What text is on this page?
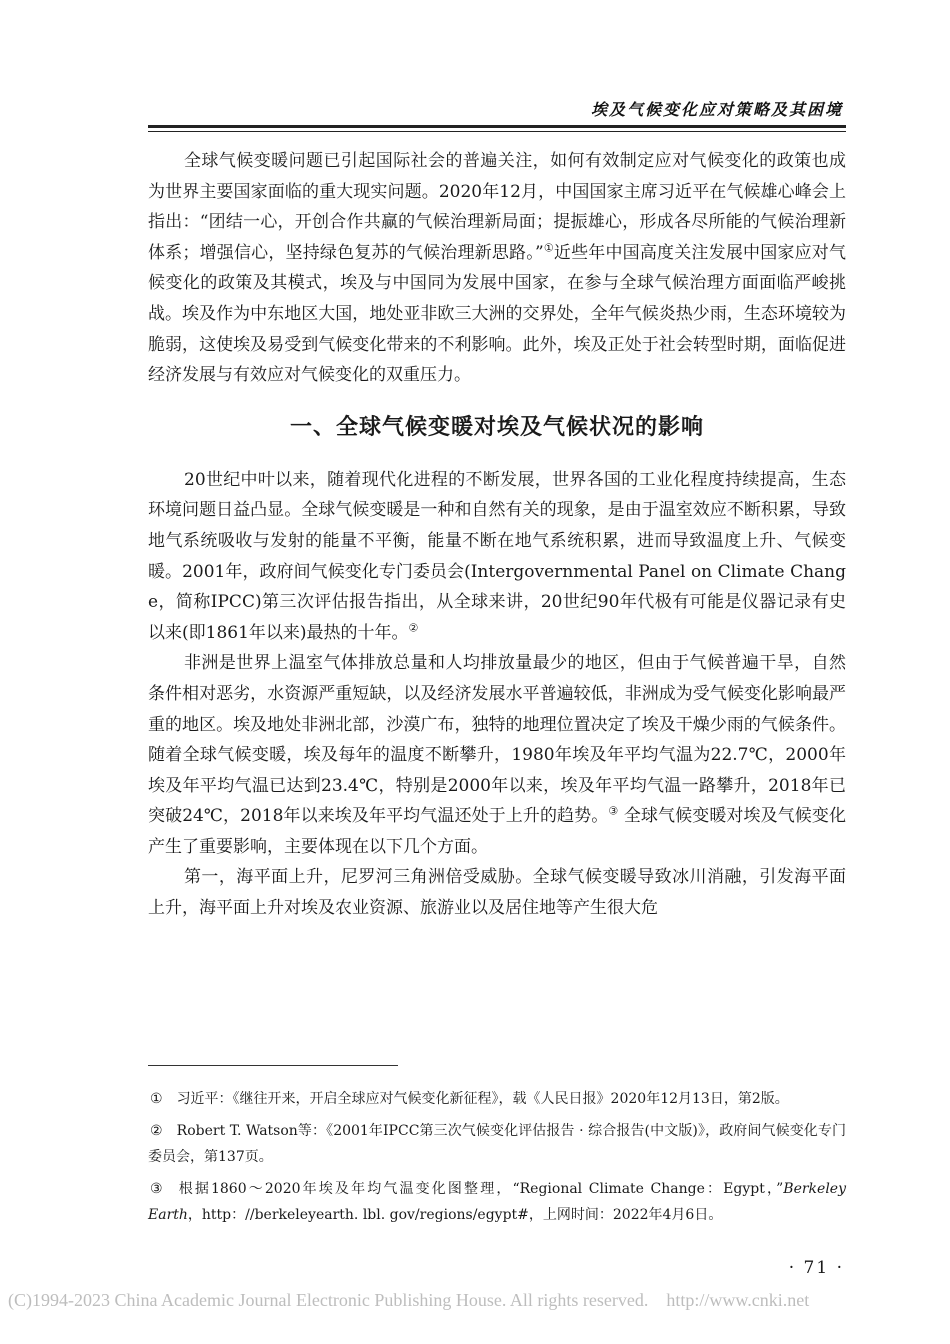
埃及气候变化应对策略及其困境

全球气候变暖问题已引起国际社会的普遍关注，如何有效制定应对气候变化的政策也成为世界主要国家面临的重大现实问题。2020年12月，中国国家主席习近平在气候雄心峰会上指出：“团结一心，开创合作共赢的气候治理新局面；提振雄心，形成各尽所能的气候治理新体系；增强信心，坚持绿色复苏的气候治理新思路。”①近些年中国高度关注发展中国家应对气候变化的政策及其模式，埃及与中国同为发展中国家，在参与全球气候治理方面面临严峻挑战。埃及作为中东地区大国，地处亚非欧三大洲的交界处，全年气候炎热少雨，生态环境较为脆弱，这使埃及易受到气候变化带来的不利影响。此外，埃及正处于社会转型时期，面临促进经济发展与有效应对气候变化的双重压力。

一、全球气候变暖对埃及气候状况的影响

20世纪中叶以来，随着现代化进程的不断发展，世界各国的工业化程度持续提高，生态环境问题日益凸显。全球气候变暖是一种和自然有关的现象，是由于温室效应不断积累，导致地气系统吸收与发射的能量不平衡，能量不断在地气系统积累，进而导致温度上升、气候变暖。2001年，政府间气候变化专门委员会(Intergovernmental Panel on Climate Change，简称IPCC)第三次评估报告指出，从全球来讲，20世纪90年代极有可能是仪器记录有史以来(即1861年以来)最热的十年。②

非洲是世界上温室气体排放总量和人均排放量最少的地区，但由于气候普遍干旱，自然条件相对恶劣，水资源严重短缺，以及经济发展水平普遍较低，非洲成为受气候变化影响最严重的地区。埃及地处非洲北部，沙漠广布，独特的地理位置决定了埃及干燥少雨的气候条件。随着全球气候变暖，埃及每年的温度不断攀升，1980年埃及年平均气温为22.7℃，2000年埃及年平均气温已达到23.4℃，特别是2000年以来，埃及年平均气温一路攀升，2018年已突破24℃，2018年以来埃及年平均气温还处于上升的趋势。③ 全球气候变暖对埃及气候变化产生了重要影响，主要体现在以下几个方面。

第一，海平面上升，尼罗河三角洲倍受威胁。全球气候变暖导致冰川消融，引发海平面上升，海平面上升对埃及农业资源、旅游业以及居住地等产生很大危

① 习近平：《继往开来，开启全球应对气候变化新征程》，载《人民日报》2020年12月13日，第2版。

② Robert T. Watson等：《2001年IPCC第三次气候变化评估报告 · 综合报告(中文版)》，政府间气候变化专门委员会，第137页。

③ 根据1860～2020年埃及年均气温变化图整理，“Regional Climate Change：Egypt，”Berkeley Earth，http：//berkeleyearth. lbl. gov/regions/egypt#，上网时间：2022年4月6日。

· 71 ·
(C)1994-2023 China Academic Journal Electronic Publishing House. All rights reserved. http://www.cnki.net
